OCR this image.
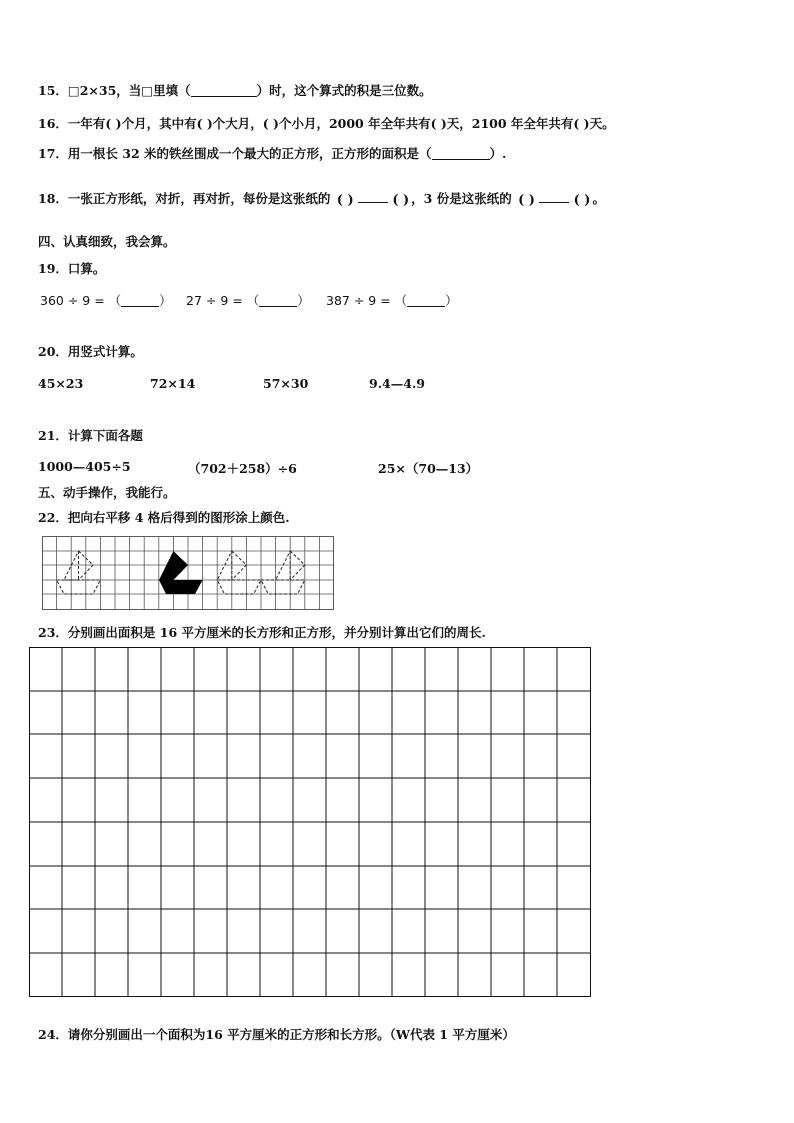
15．□2×35，当□里填（	）时，这个算式的积是三位数。
16．一年有( )个月，其中有( )个大月，( )个小月，2000 年全年共有( )天，2100 年全年共有( )天。
17．用一根长 32 米的铁丝围成一个最大的正方形，正方形的面积是（	）.
18．一张正方形纸，对折，再对折，每份是这张纸的 ( )	( ) ，3 份是这张纸的 ( )	( ) 。
四、认真细致，我会算。
19．口算。
360 ÷ 9 = （	） 27 ÷ 9 = （	） 387 ÷ 9 = （	）
20．用竖式计算。
45×23	72×14	57×30	9.4—4.9
21．计算下面各题
1000—405÷5	（702＋258）÷6	25×（70—13）
五、动手操作，我能行。
22．把向右平移 4 格后得到的图形涂上颜色.
23．分别画出面积是 16 平方厘米的长方形和正方形，并分别计算出它们的周长.
24．请你分别画出一个面积为16 平方厘米的正方形和长方形。（W代表 1 平方厘米）
